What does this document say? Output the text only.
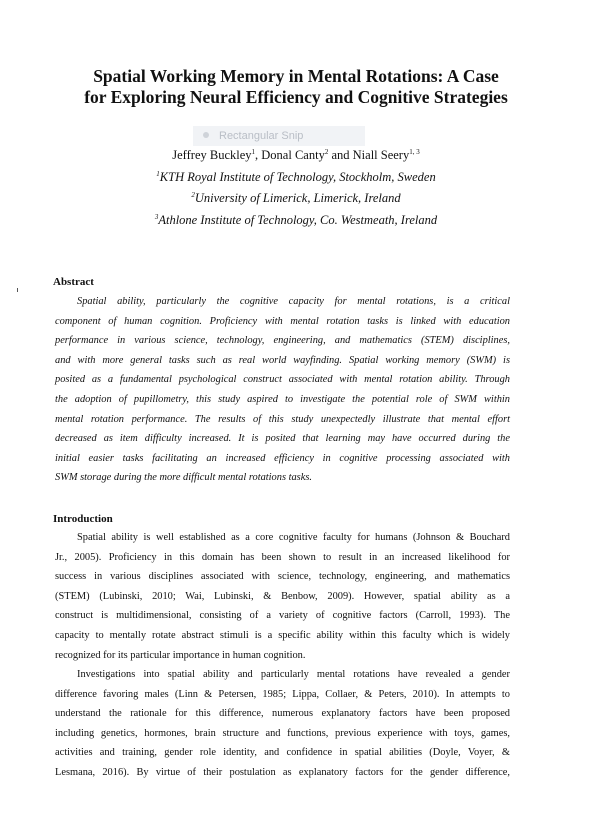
Spatial Working Memory in Mental Rotations: A Case
for Exploring Neural Efficiency and Cognitive Strategies
Rectangular Snip
Jeffrey Buckley$^1$, Donal Canty$^2$ and Niall Seery$^{1, 3}$
$^1$KTH Royal Institute of Technology, Stockholm, Sweden
$^2$University of Limerick, Limerick, Ireland
$^3$Athlone Institute of Technology, Co. Westmeath, Ireland
Abstract
Spatial ability, particularly the cognitive capacity for mental rotations, is a critical
component of human cognition. Proficiency with mental rotation tasks is linked with education
performance in various science, technology, engineering, and mathematics (STEM) disciplines,
and with more general tasks such as real world wayfinding. Spatial working memory (SWM) is
posited as a fundamental psychological construct associated with mental rotation ability. Through
the adoption of pupillometry, this study aspired to investigate the potential role of SWM within
mental rotation performance. The results of this study unexpectedly illustrate that mental effort
decreased as item difficulty increased. It is posited that learning may have occurred during the
initial easier tasks facilitating an increased efficiency in cognitive processing associated with
SWM storage during the more difficult mental rotations tasks.
Introduction
Spatial ability is well established as a core cognitive faculty for humans (Johnson & Bouchard
Jr., 2005). Proficiency in this domain has been shown to result in an increased likelihood for
success in various disciplines associated with science, technology, engineering, and mathematics
(STEM) (Lubinski, 2010; Wai, Lubinski, & Benbow, 2009). However, spatial ability as a
construct is multidimensional, consisting of a variety of cognitive factors (Carroll, 1993). The
capacity to mentally rotate abstract stimuli is a specific ability within this faculty which is widely
recognized for its particular importance in human cognition.
Investigations into spatial ability and particularly mental rotations have revealed a gender
difference favoring males (Linn & Petersen, 1985; Lippa, Collaer, & Peters, 2010). In attempts to
understand the rationale for this difference, numerous explanatory factors have been proposed
including genetics, hormones, brain structure and functions, previous experience with toys, games,
activities and training, gender role identity, and confidence in spatial abilities (Doyle, Voyer, &
Lesmana, 2016). By virtue of their postulation as explanatory factors for the gender difference,
